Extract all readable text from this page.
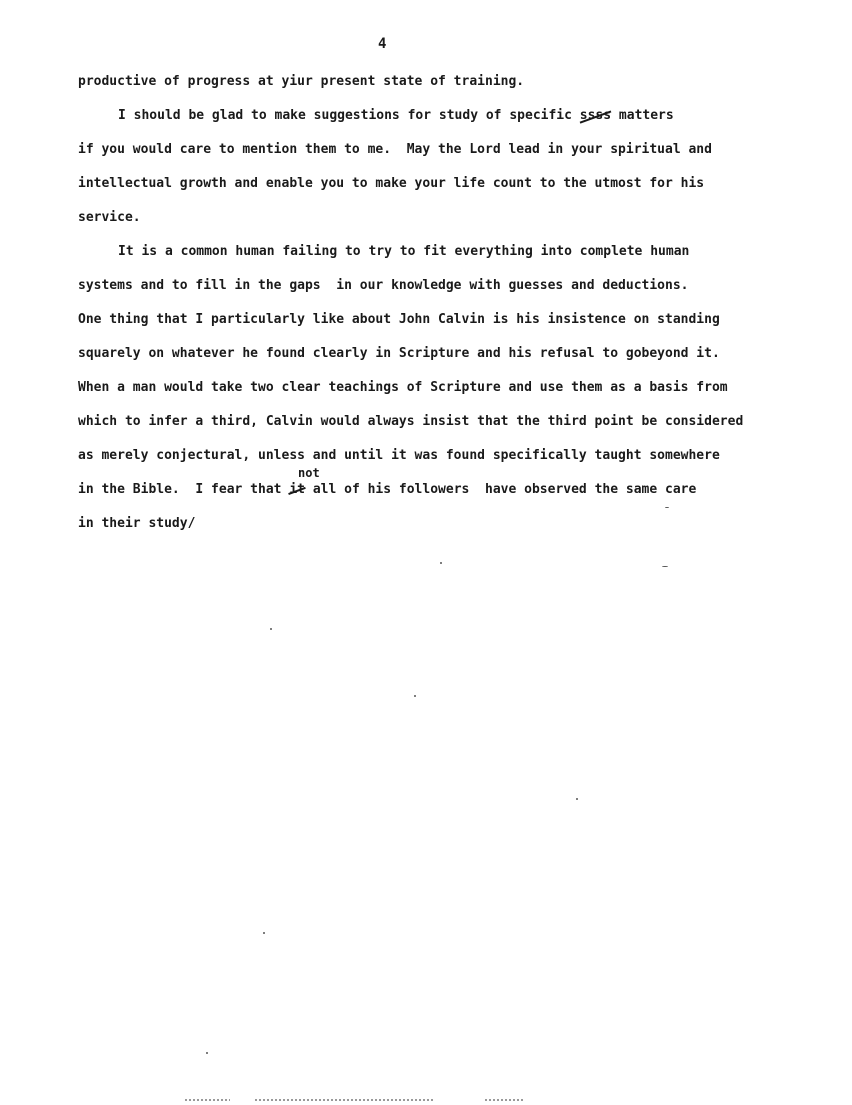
4
productive of progress at yiur present state of training.
I should be glad to make suggestions for study of specific ssss matters
if you would care to mention them to me.  May the Lord lead in your spiritual and
intellectual growth and enable you to make your life count to the utmost for his
service.
It is a common human failing to try to fit everything into complete human
systems and to fill in the gaps  in our knowledge with guesses and deductions.
One thing that I particularly like about John Calvin is his insistence on standing
squarely on whatever he found clearly in Scripture and his refusal to gobeyond it.
When a man would take two clear teachings of Scripture and use them as a basis from
which to infer a third, Calvin would always insist that the third point be considered
as merely conjectural, unless and until it was found specifically taught somewhere
not
in the Bible.  I fear that it all of his followers  have observed the same care
in their study/
